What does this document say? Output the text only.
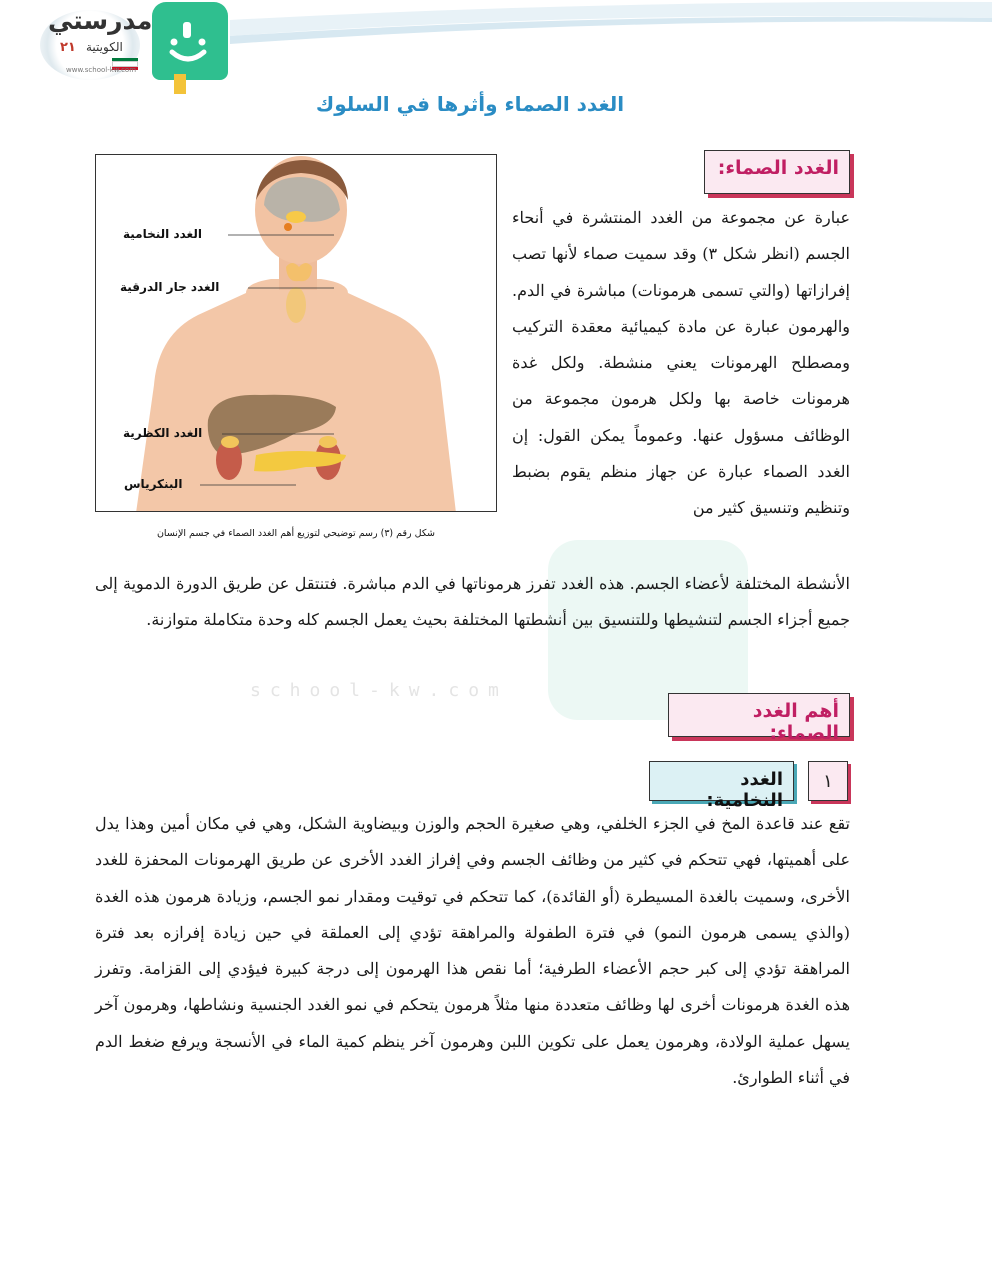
مدرستي
٢١ الكويتية
www.school-kw.com
الغدد الصماء وأثرها في السلوك
الغدد الصماء:
الغدد النخامية
الغدد جار الدرقية
الغدد الكظرية
البنكرياس
شكل رقم (٣) رسم توضيحي لتوزيع أهم الغدد الصماء في جسم الإنسان
school-kw.com
عبارة عن مجموعة من الغدد المنتشرة في أنحاء الجسم (انظر شكل ٣) وقد سميت صماء لأنها تصب إفرازاتها (والتي تسمى هرمونات) مباشرة في الدم. والهرمون عبارة عن مادة كيميائية معقدة التركيب ومصطلح الهرمونات يعني منشطة. ولكل غدة هرمونات خاصة بها ولكل هرمون مجموعة من الوظائف مسؤول عنها. وعموماً يمكن القول: إن الغدد الصماء عبارة عن جهاز منظم يقوم بضبط وتنظيم وتنسيق كثير من
الأنشطة المختلفة لأعضاء الجسم. هذه الغدد تفرز هرموناتها في الدم مباشرة. فتنتقل عن طريق الدورة الدموية إلى جميع أجزاء الجسم لتنشيطها وللتنسيق بين أنشطتها المختلفة بحيث يعمل الجسم كله وحدة متكاملة متوازنة.
أهم الغدد الصماء:
١
الغدد النخامية:
تقع عند قاعدة المخ في الجزء الخلفي، وهي صغيرة الحجم والوزن وبيضاوية الشكل، وهي في مكان أمين وهذا يدل على أهميتها، فهي تتحكم في كثير من وظائف الجسم وفي إفراز الغدد الأخرى عن طريق الهرمونات المحفزة للغدد الأخرى، وسميت بالغدة المسيطرة (أو القائدة)، كما تتحكم في توقيت ومقدار نمو الجسم، وزيادة هرمون هذه الغدة (والذي يسمى هرمون النمو) في فترة الطفولة والمراهقة تؤدي إلى العملقة في حين زيادة إفرازه بعد فترة المراهقة تؤدي إلى كبر حجم الأعضاء الطرفية؛ أما نقص هذا الهرمون إلى درجة كبيرة فيؤدي إلى القزامة. وتفرز هذه الغدة هرمونات أخرى لها وظائف متعددة منها مثلاً هرمون يتحكم في نمو الغدد الجنسية ونشاطها، وهرمون آخر يسهل عملية الولادة، وهرمون يعمل على تكوين اللبن وهرمون آخر ينظم كمية الماء في الأنسجة ويرفع ضغط الدم في أثناء الطوارئ.
